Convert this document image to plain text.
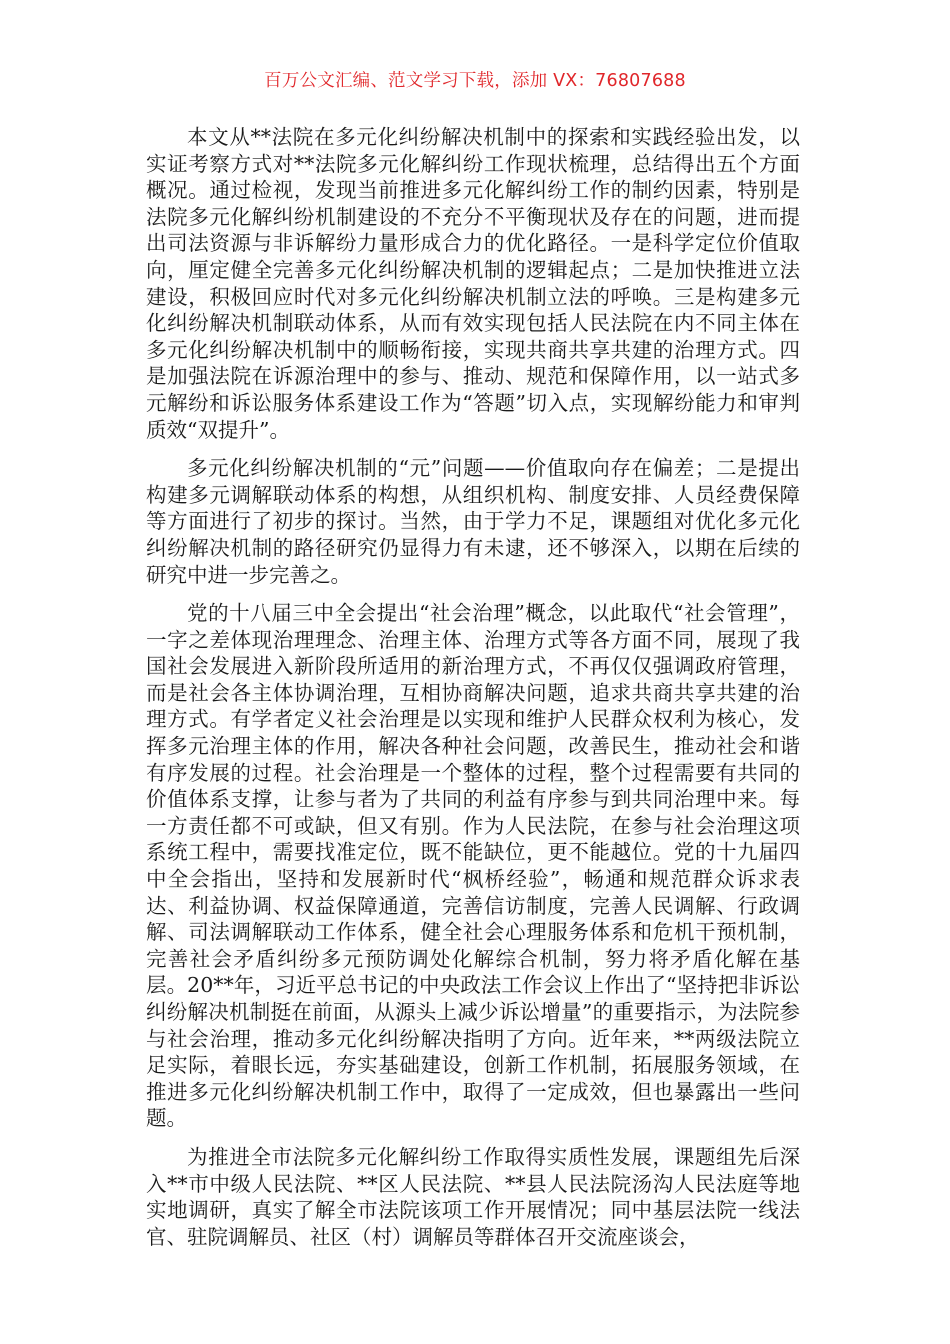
百万公文汇编、范文学习下载，添加 VX：76807688

本文从**法院在多元化纠纷解决机制中的探索和实践经验出发，以实证考察方式对**法院多元化解纠纷工作现状梳理，总结得出五个方面概况。通过检视，发现当前推进多元化解纠纷工作的制约因素，特别是法院多元化解纠纷机制建设的不充分不平衡现状及存在的问题，进而提出司法资源与非诉解纷力量形成合力的优化路径。一是科学定位价值取向，厘定健全完善多元化纠纷解决机制的逻辑起点；二是加快推进立法建设，积极回应时代对多元化纠纷解决机制立法的呼唤。三是构建多元化纠纷解决机制联动体系，从而有效实现包括人民法院在内不同主体在多元化纠纷解决机制中的顺畅衔接，实现共商共享共建的治理方式。四是加强法院在诉源治理中的参与、推动、规范和保障作用，以一站式多元解纷和诉讼服务体系建设工作为“答题”切入点，实现解纷能力和审判质效“双提升”。

多元化纠纷解决机制的“元”问题——价值取向存在偏差；二是提出构建多元调解联动体系的构想，从组织机构、制度安排、人员经费保障等方面进行了初步的探讨。当然，由于学力不足，课题组对优化多元化纠纷解决机制的路径研究仍显得力有未逮，还不够深入，以期在后续的研究中进一步完善之。

党的十八届三中全会提出“社会治理”概念，以此取代“社会管理”，一字之差体现治理理念、治理主体、治理方式等各方面不同，展现了我国社会发展进入新阶段所适用的新治理方式，不再仅仅强调政府管理，而是社会各主体协调治理，互相协商解决问题，追求共商共享共建的治理方式。有学者定义社会治理是以实现和维护人民群众权利为核心，发挥多元治理主体的作用，解决各种社会问题，改善民生，推动社会和谐有序发展的过程。社会治理是一个整体的过程，整个过程需要有共同的价值体系支撑，让参与者为了共同的利益有序参与到共同治理中来。每一方责任都不可或缺，但又有别。作为人民法院，在参与社会治理这项系统工程中，需要找准定位，既不能缺位，更不能越位。党的十九届四中全会指出，坚持和发展新时代“枫桥经验”，畅通和规范群众诉求表达、利益协调、权益保障通道，完善信访制度，完善人民调解、行政调解、司法调解联动工作体系，健全社会心理服务体系和危机干预机制，完善社会矛盾纠纷多元预防调处化解综合机制，努力将矛盾化解在基层。20**年，习近平总书记的中央政法工作会议上作出了“坚持把非诉讼纠纷解决机制挺在前面，从源头上减少诉讼增量”的重要指示，为法院参与社会治理，推动多元化纠纷解决指明了方向。近年来，**两级法院立足实际，着眼长远，夯实基础建设，创新工作机制，拓展服务领域，在推进多元化纠纷解决机制工作中，取得了一定成效，但也暴露出一些问题。

为推进全市法院多元化解纠纷工作取得实质性发展，课题组先后深入**市中级人民法院、**区人民法院、**县人民法院汤沟人民法庭等地实地调研，真实了解全市法院该项工作开展情况；同中基层法院一线法官、驻院调解员、社区（村）调解员等群体召开交流座谈会，
